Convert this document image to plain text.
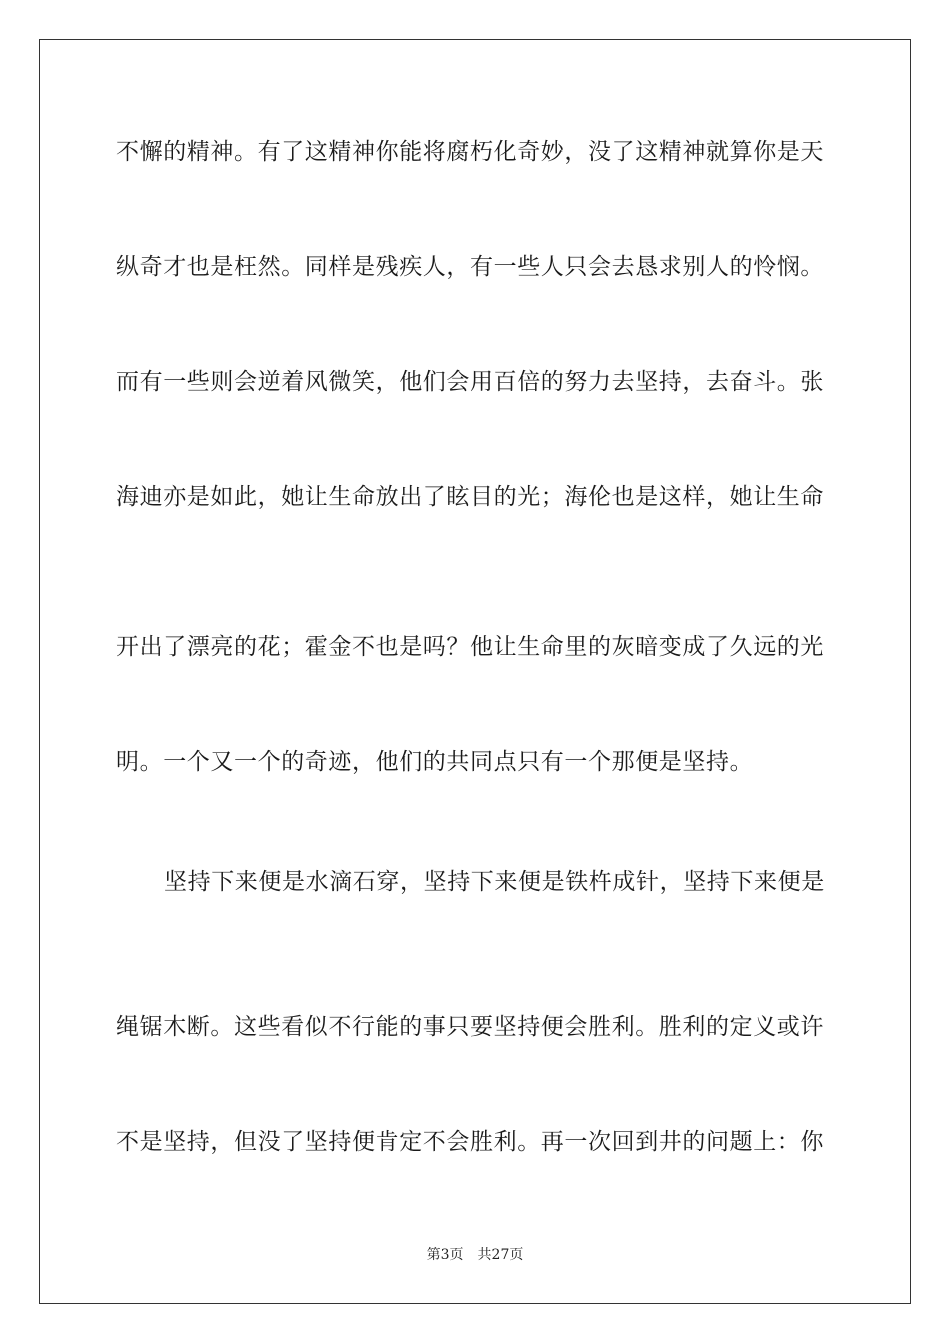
不懈的精神。有了这精神你能将腐朽化奇妙，没了这精神就算你是天
纵奇才也是枉然。同样是残疾人，有一些人只会去恳求别人的怜悯。
而有一些则会逆着风微笑，他们会用百倍的努力去坚持，去奋斗。张
海迪亦是如此，她让生命放出了眩目的光；海伦也是这样，她让生命
开出了漂亮的花；霍金不也是吗？他让生命里的灰暗变成了久远的光
明。一个又一个的奇迹，他们的共同点只有一个那便是坚持。
坚持下来便是水滴石穿，坚持下来便是铁杵成针，坚持下来便是
绳锯木断。这些看似不行能的事只要坚持便会胜利。胜利的定义或许
不是坚持，但没了坚持便肯定不会胜利。再一次回到井的问题上：你
第3页 共27页
